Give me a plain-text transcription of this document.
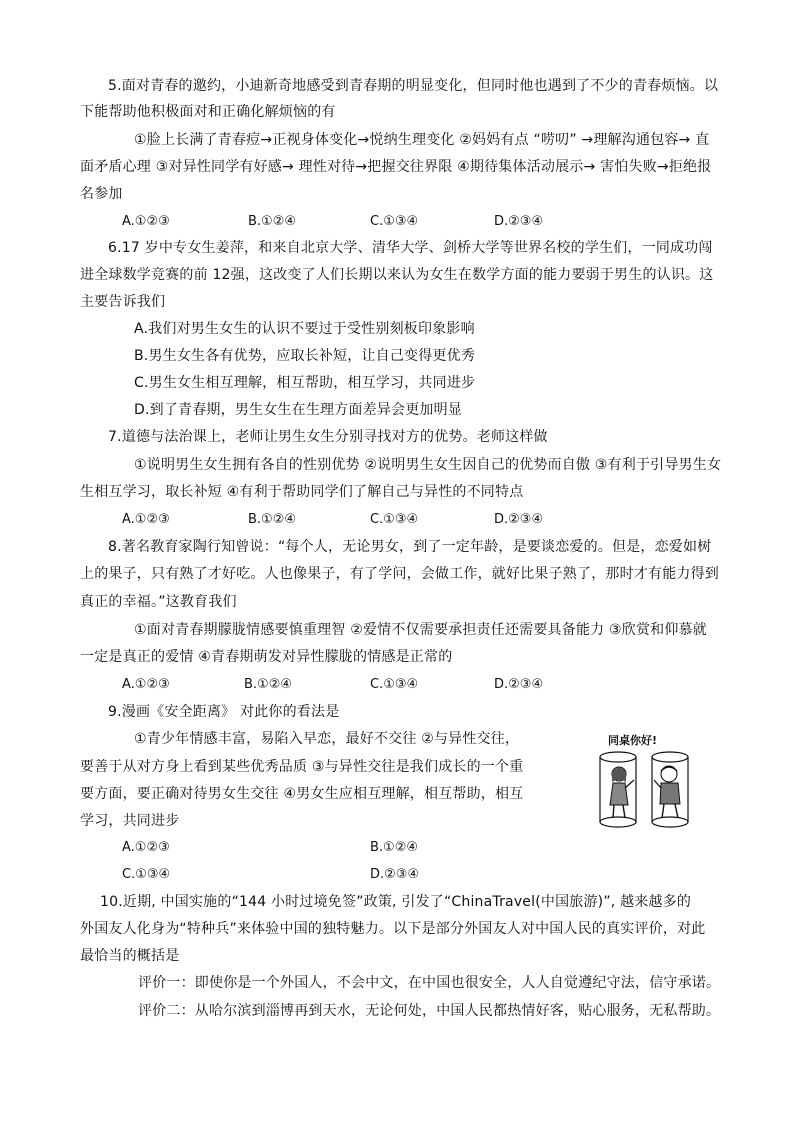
5.面对青春的邀约，小迪新奇地感受到青春期的明显变化，但同时他也遇到了不少的青春烦恼。以
下能帮助他积极面对和正确化解烦恼的有
①脸上长满了青春痘→正视身体变化→悦纳生理变化 ②妈妈有点 “唠叨” →理解沟通包容→ 直
面矛盾心理 ③对异性同学有好感→ 理性对待→把握交往界限 ④期待集体活动展示→ 害怕失败→拒绝报
名参加
A.①②③	B.①②④	C.①③④	D.②③④
6.17 岁中专女生姜萍，和来自北京大学、清华大学、剑桥大学等世界名校的学生们，一同成功闯
进全球数学竞赛的前 12强，这改变了人们长期以来认为女生在数学方面的能力要弱于男生的认识。这
主要告诉我们
A.我们对男生女生的认识不要过于受性别刻板印象影响
B.男生女生各有优势，应取长补短，让自己变得更优秀
C.男生女生相互理解，相互帮助，相互学习，共同进步
D.到了青春期，男生女生在生理方面差异会更加明显
7.道德与法治课上，老师让男生女生分别寻找对方的优势。老师这样做
①说明男生女生拥有各自的性别优势 ②说明男生女生因自己的优势而自傲 ③有利于引导男生女
生相互学习，取长补短 ④有利于帮助同学们了解自己与异性的不同特点
A.①②③	B.①②④	C.①③④	D.②③④
8.著名教育家陶行知曾说：“每个人，无论男女，到了一定年龄，是要谈恋爱的。但是，恋爱如树
上的果子，只有熟了才好吃。人也像果子，有了学问，会做工作，就好比果子熟了，那时才有能力得到
真正的幸福。”这教育我们
①面对青春期朦胧情感要慎重理智 ②爱情不仅需要承担责任还需要具备能力 ③欣赏和仰慕就
一定是真正的爱情 ④青春期萌发对异性朦胧的情感是正常的
A.①②③	B.①②④	C.①③④	D.②③④
9.漫画《安全距离》 对此你的看法是
①青少年情感丰富，易陷入早恋，最好不交往 ②与异性交往，
要善于从对方身上看到某些优秀品质 ③与异性交往是我们成长的一个重
要方面，要正确对待男女生交往 ④男女生应相互理解，相互帮助，相互
学习，共同进步
A.①②③	B.①②④
C.①③④	D.②③④
同桌你好!
10.近期, 中国实施的“144 小时过境免签”政策, 引发了“ChinaTravel(中国旅游)”, 越来越多的
外国友人化身为“特种兵”来体验中国的独特魅力。以下是部分外国友人对中国人民的真实评价，对此
最恰当的概括是
评价一：即使你是一个外国人，不会中文，在中国也很安全，人人自觉遵纪守法，信守承诺。
评价二：从哈尔滨到淄博再到天水，无论何处，中国人民都热情好客，贴心服务，无私帮助。
